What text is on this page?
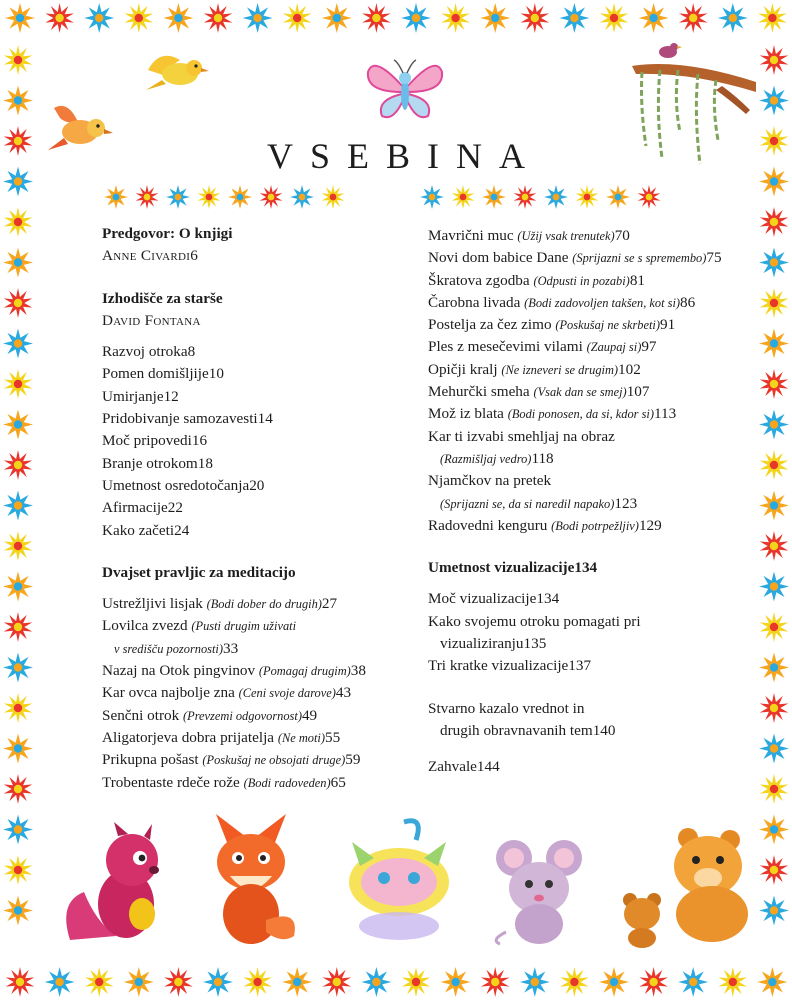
VSEBINA
Predgovor: O knjigi
Anne Civardi6
Izhodišče za starše
David Fontana
Razvoj otroka8
Pomen domišljije10
Umirjanje12
Pridobivanje samozavesti14
Moč pripovedi16
Branje otrokom18
Umetnost osredotočanja20
Afirmacije22
Kako začeti24
Dvajset pravljic za meditacijo
Ustrežljivi lisjak (Bodi dober do drugih)27
Lovilca zvezd (Pusti drugim uživati
v središču pozornosti)33
Nazaj na Otok pingvinov (Pomagaj drugim)38
Kar ovca najbolje zna (Ceni svoje darove)43
Senčni otrok (Prevzemi odgovornost)49
Aligatorjeva dobra prijatelja (Ne moti)55
Prikupna pošast (Poskušaj ne obsojati druge)59
Trobentaste rdeče rože (Bodi radoveden)65
Mavrični muc (Užij vsak trenutek)70
Novi dom babice Dane (Sprijazni se s spremembo)75
Škratova zgodba (Odpusti in pozabi)81
Čarobna livada (Bodi zadovoljen takšen, kot si)86
Postelja za čez zimo (Poskušaj ne skrbeti)91
Ples z mesečevimi vilami (Zaupaj si)97
Opičji kralj (Ne izneveri se drugim)102
Mehurčki smeha (Vsak dan se smej)107
Mož iz blata (Bodi ponosen, da si, kdor si)113
Kar ti izvabi smehljaj na obraz
(Razmišljaj vedro)118
Njamčkov na pretek
(Sprijazni se, da si naredil napako)123
Radovedni kenguru (Bodi potrpežljiv)129
Umetnost vizualizacije134
Moč vizualizacije134
Kako svojemu otroku pomagati pri
vizualiziranju135
Tri kratke vizualizacije137
Stvarno kazalo vrednot in
drugih obravnavanih tem140
Zahvale144
